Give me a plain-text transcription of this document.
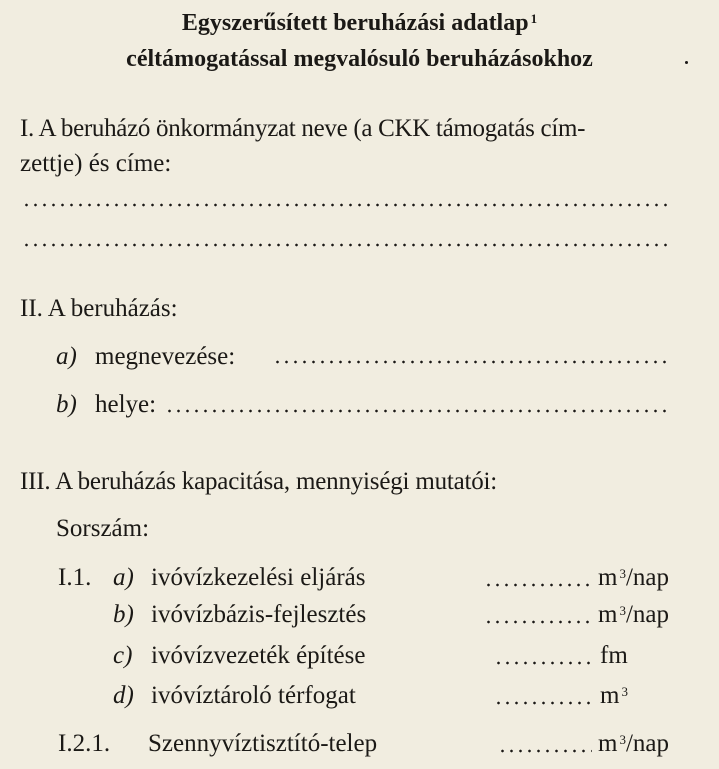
Egyszerűsített beruházási adatlap $^1$
céltámogatással megvalósuló beruházásokhoz
I. A beruházó önkormányzat neve (a CKK támogatás cím-
zettje) és címe:
II. A beruházás:
a) megnevezése:
b) helye:
III. A beruházás kapacitása, mennyiségi mutatói:
Sorszám:
I.1. a) ivóvízkezelési eljárás	m $^3$/nap
b) ivóvízbázis-fejlesztés	m $^3$/nap
c) ivóvízvezeték építése	fm
d) ivóvíztároló térfogat	m $^3$
I.2.1. Szennyvíztisztító-telep	m $^3$/nap
